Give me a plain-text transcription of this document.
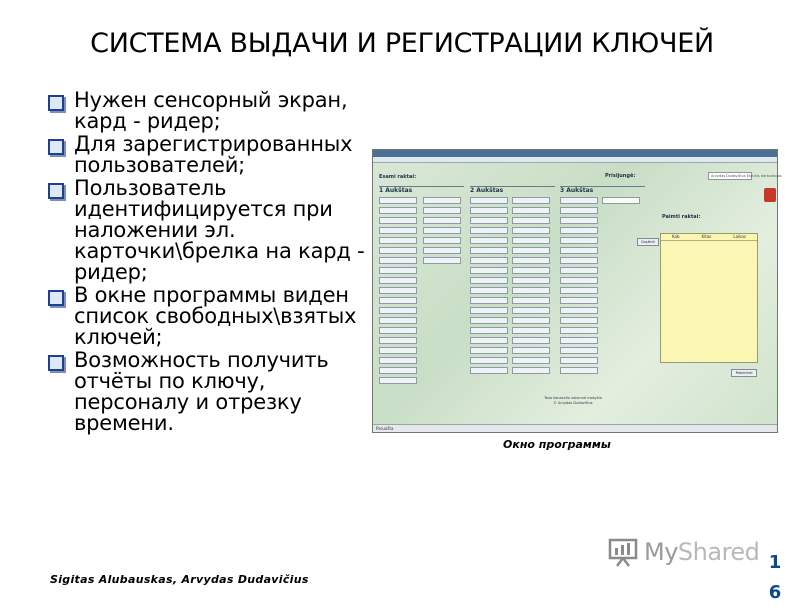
СИСТЕМА ВЫДАЧИ И РЕГИСТРАЦИИ КЛЮЧЕЙ
Нужен сенсорный экран, кард - ридер;
Для зарегистрированных пользователей;
Пользователь идентифицируется при наложении эл. карточки\брелка на кард - ридер;
В окне программы виден список свободных\взятых ключей;
Возможность получить отчёты по ключу, персоналу и отрезку времени.
Esami raktai:	Prisijungė:	Arvydas Dudavičius Etatinis darbuotojas
1 Aukštas	2 Aukštas	3 Aukštas
Paimti raktai:
Grąžinti
Kab	Kitas	Laikas
Patvirtinti
Tavo kanacelio valumnė mokykla
© Arvydas Dudavičius
Paruošta
Окно программы
Sigitas Alubauskas, Arvydas Dudavičius
MyShared 16
